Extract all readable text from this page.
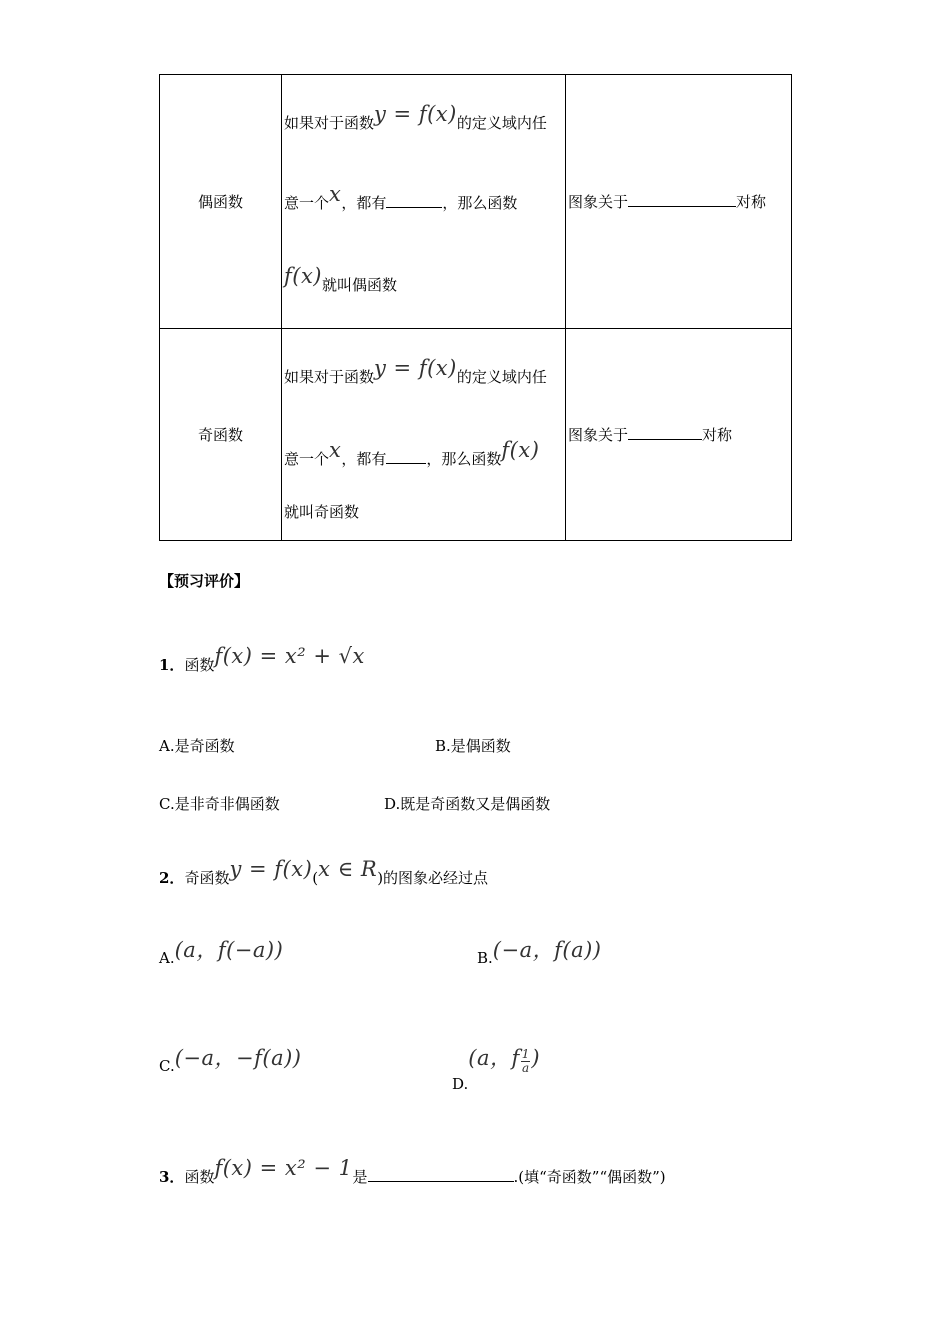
偶函数	如果对于函数y = f(x)的定义域内任
意一个x，都有 ，那么函数
f(x)就叫偶函数	图象关于 对称

奇函数	如果对于函数y = f(x)的定义域内任
意一个x，都有 ，那么函数f(x)
就叫奇函数	图象关于 对称
【预习评价】
1．函数f(x) = x² + √x
A.是奇函数	B.是偶函数
C.是非奇非偶函数	D.既是奇函数又是偶函数
2．奇函数y = f(x)(x ∈ R)的图象必经过点
A.(a，f(−a))	B.(−a，f(a))
C.(−a，−f(a))
D.(a，f $\frac{1}{a}$ )
3．函数f(x) = x² − 1是	.(填“奇函数”“偶函数”)
